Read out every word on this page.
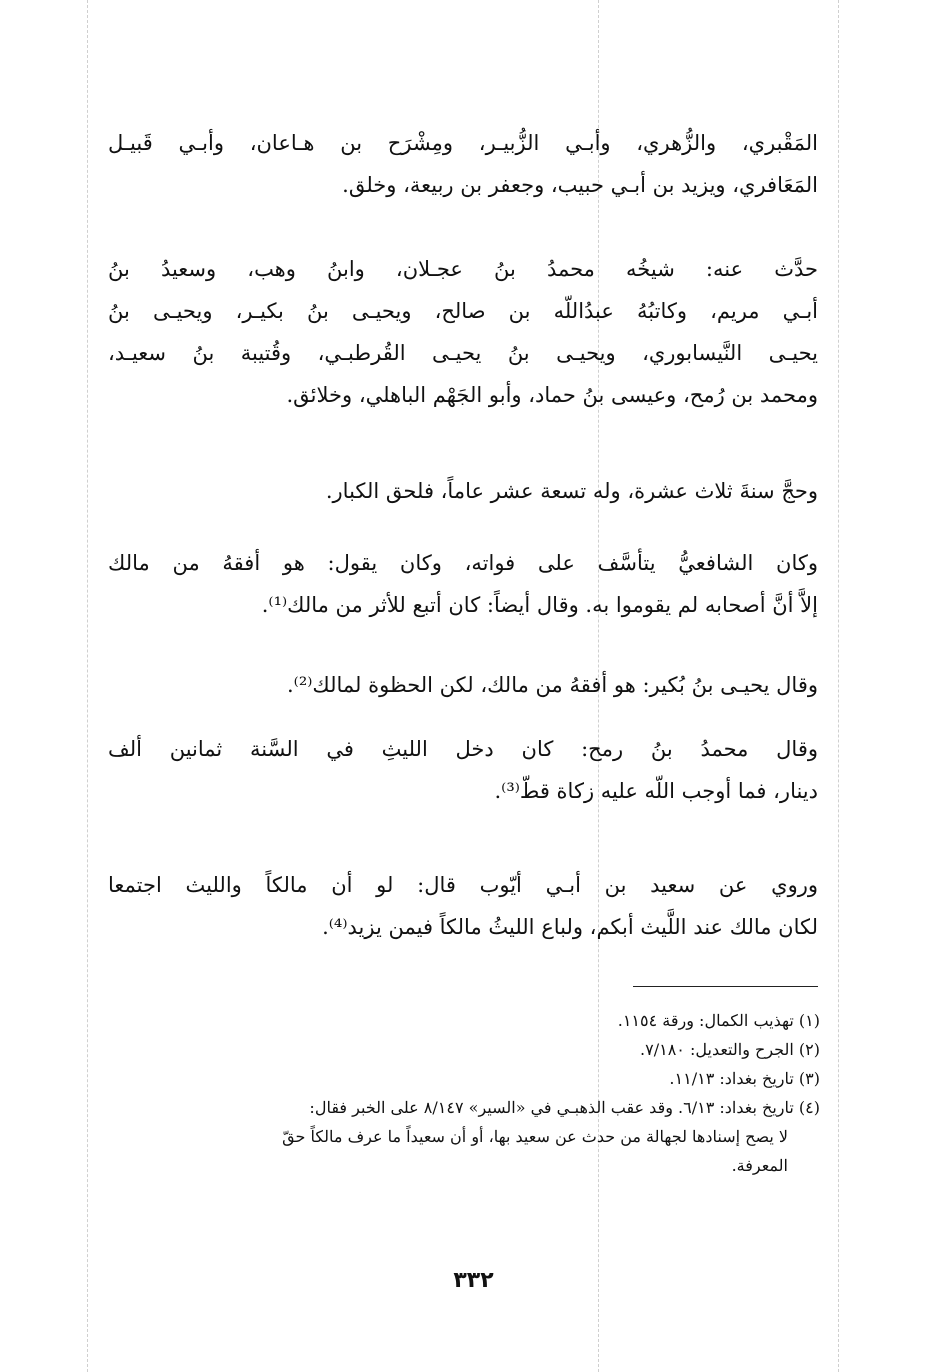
المَقْبري، والزُّهري، وأبـي الزُّبيـر، ومِشْرَح بن هـاعان، وأبـي قَبيـل
المَعَافري، ويزيد بن أبـي حبيب، وجعفر بن ربيعة، وخلق.
حدَّث عنه: شيخُه محمدُ بنُ عجـلان، وابنُ وهب، وسعيدُ بنُ
أبـي مريم، وكاتبُهُ عبدُاللّه بن صالح، ويحيـى بنُ بكيـر، ويحيـى بنُ
يحيـى النَّيسابوري، ويحيـى بنُ يحيـى القُرطبـي، وقُتيبة بنُ سعيـد،
ومحمد بن رُمح، وعيسى بنُ حماد، وأبو الجَهْم الباهلي، وخلائق.
وحجَّ سنةَ ثلاث عشرة، وله تسعة عشر عاماً، فلحق الكبار.
وكان الشافعيُّ يتأسَّف على فواته، وكان يقول: هو أفقهُ من مالك
إلاَّ أنَّ أصحابه لم يقوموا به. وقال أيضاً: كان أتبع للأثر من مالك⁽¹⁾.
وقال يحيـى بنُ بُكير: هو أفقهُ من مالك، لكن الحظوة لمالك⁽²⁾.
وقال محمدُ بنُ رمح: كان دخل الليثِ في السَّنة ثمانين ألف
دينار، فما أوجب اللّه عليه زكاة قطّ⁽³⁾.
وروي عن سعيد بن أبـي أيّوب قال: لو أن مالكاً والليث اجتمعا
لكان مالك عند اللَّيث أبكم، ولباع الليثُ مالكاً فيمن يزيد⁽⁴⁾.
(١) تهذيب الكمال: ورقة ١١٥٤.
(٢) الجرح والتعديل: ٧/١٨٠.
(٣) تاريخ بغداد: ١١/١٣.
(٤) تاريخ بغداد: ٦/١٣. وقد عقب الذهبـي في «السير» ٨/١٤٧ على الخبر فقال:
لا يصح إسنادها لجهالة من حدث عن سعيد بها، أو أن سعيداً ما عرف مالكاً حقّ
المعرفة.
٣٣٢
